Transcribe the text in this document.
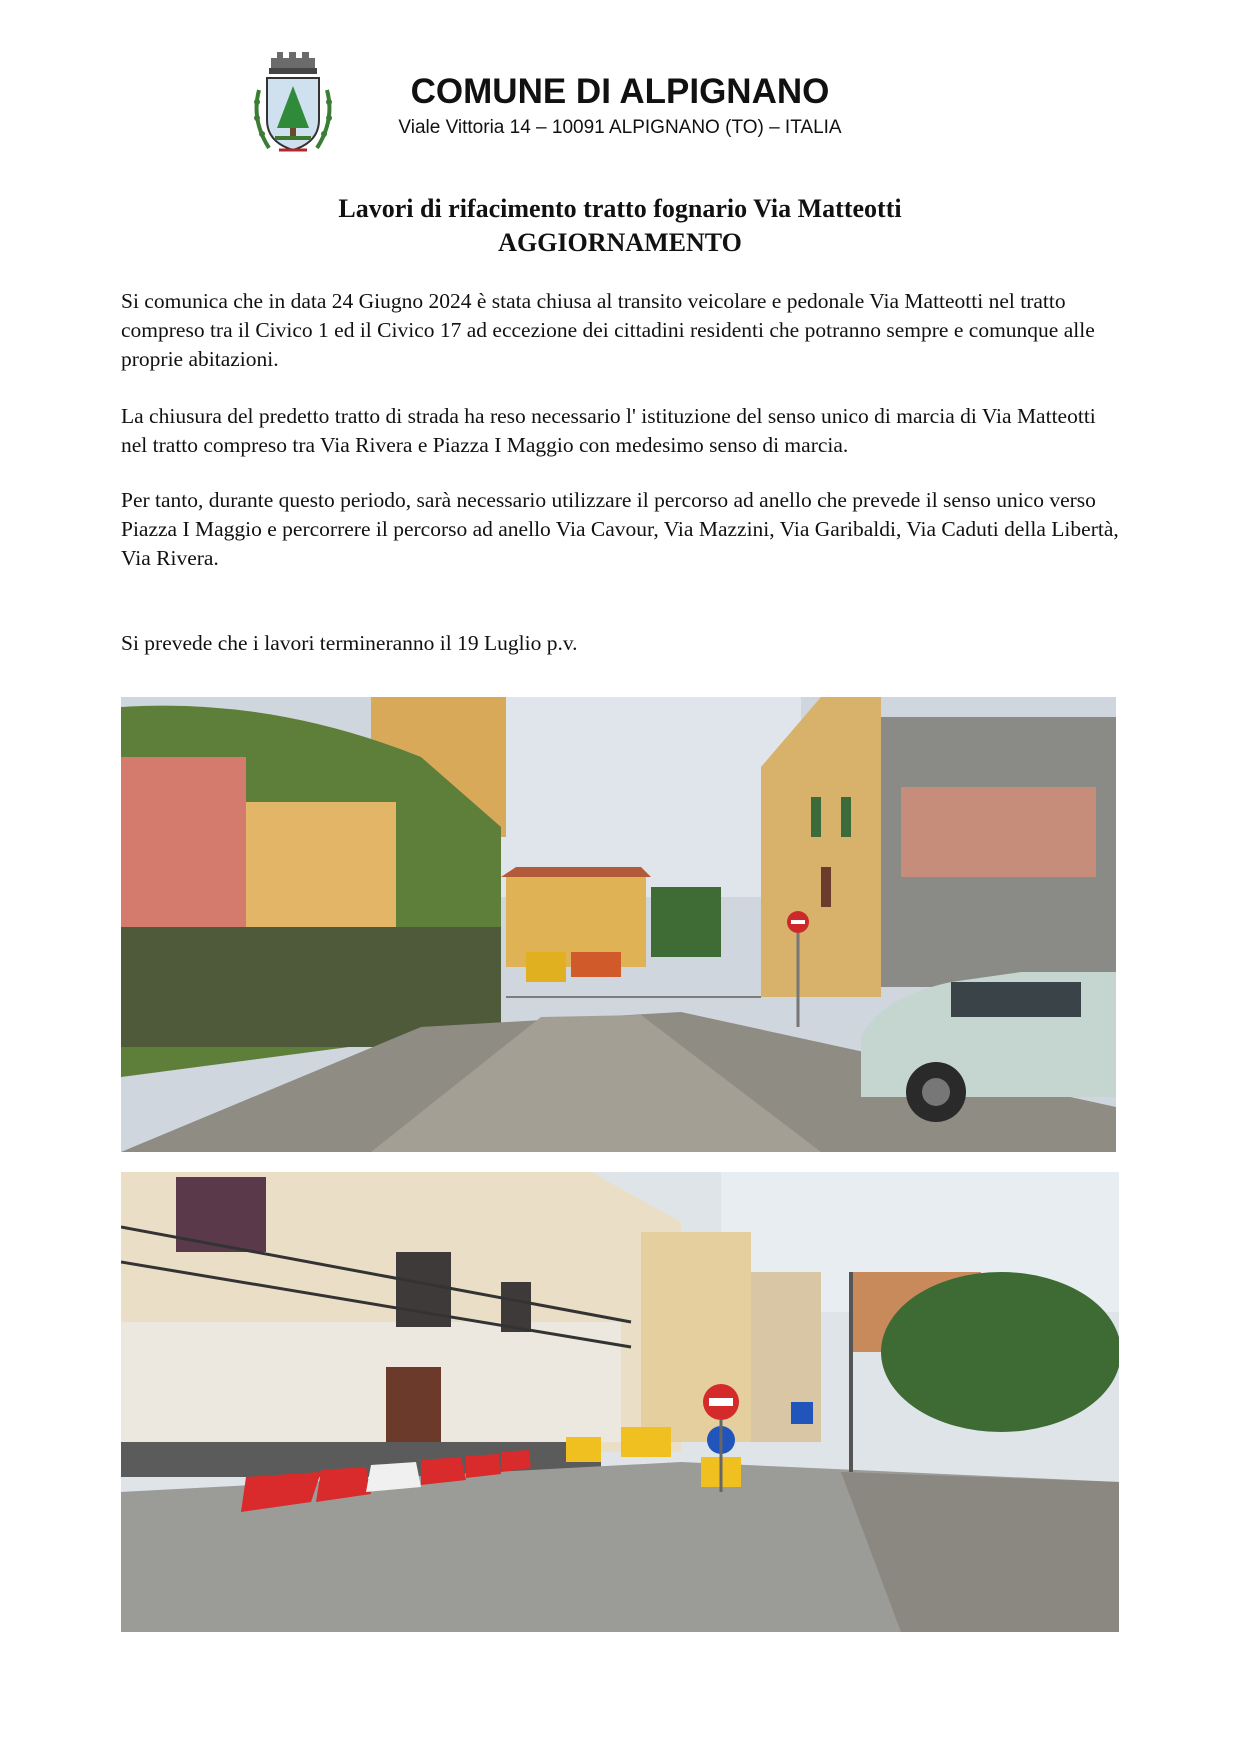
COMUNE DI ALPIGNANO
Viale Vittoria 14 – 10091 ALPIGNANO (TO) – ITALIA
Lavori di rifacimento tratto fognario Via Matteotti
AGGIORNAMENTO

Si comunica che in data 24 Giugno 2024 è stata chiusa al transito veicolare e pedonale Via Matteotti nel tratto compreso tra il Civico 1 ed il Civico 17 ad eccezione dei cittadini residenti che potranno sempre e comunque alle proprie abitazioni.

La chiusura del predetto tratto di strada ha reso necessario l' istituzione del senso unico di marcia di Via Matteotti nel tratto compreso tra Via Rivera e Piazza I Maggio con medesimo senso di marcia.

Per tanto, durante questo periodo, sarà necessario utilizzare il percorso ad anello che prevede il senso unico verso Piazza I Maggio e percorrere il percorso ad anello Via Cavour, Via Mazzini, Via Garibaldi, Via Caduti della Libertà, Via Rivera.

Si prevede che i lavori termineranno il 19 Luglio p.v.
